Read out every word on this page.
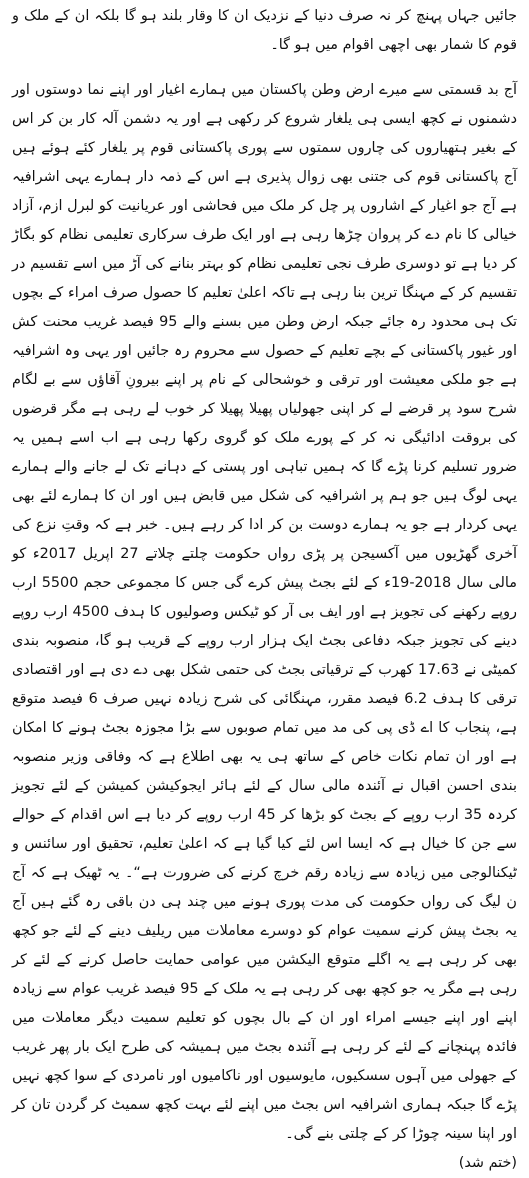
جائیں جہاں پہنچ کر نہ صرف دنیا کے نزدیک ان کا وقار بلند ہو گا بلکہ ان کے ملک و قوم کا شمار بھی اچھی اقوام میں ہو گا۔

آج بد قسمتی سے میرے ارض وطن پاکستان میں ہمارے اغیار اور اپنے نما دوستوں اور دشمنوں نے کچھ ایسی ہی یلغار شروع کر رکھی ہے اور یہ دشمن آلہ کار بن کر اس کے بغیر ہتھیاروں کی چاروں سمتوں سے پوری پاکستانی قوم پر یلغار کئے ہوئے ہیں آج پاکستانی قوم کی جتنی بھی زوال پذیری ہے اس کے ذمہ دار ہمارے یہی اشرافیہ ہے آج جو اغیار کے اشاروں پر چل کر ملک میں فحاشی اور عریانیت کو لبرل ازم، آزاد خیالی کا نام دے کر پروان چڑھا رہی ہے اور ایک طرف سرکاری تعلیمی نظام کو بگاڑ کر دیا ہے تو دوسری طرف نجی تعلیمی نظام کو بہتر بنانے کی آڑ میں اسے تقسیم در تقسیم کر کے مہنگا ترین بنا رہی ہے تاکہ اعلیٰ تعلیم کا حصول صرف امراء کے بچوں تک ہی محدود رہ جائے جبکہ ارض وطن میں بسنے والے 95 فیصد غریب محنت کش اور غیور پاکستانی کے بچے تعلیم کے حصول سے محروم رہ جائیں اور یہی وہ اشرافیہ ہے جو ملکی معیشت اور ترقی و خوشحالی کے نام پر اپنے بیرونِ آقاؤں سے بے لگام شرح سود پر قرضے لے کر اپنی جھولیاں پھیلا پھیلا کر خوب لے رہی ہے مگر قرضوں کی بروقت ادائیگی نہ کر کے پورے ملک کو گروی رکھا رہی ہے اب اسے ہمیں یہ ضرور تسلیم کرنا پڑے گا کہ ہمیں تباہی اور پستی کے دہانے تک لے جانے والے ہمارے یہی لوگ ہیں جو ہم پر اشرافیہ کی شکل میں قابض ہیں اور ان کا ہمارے لئے بھی یہی کردار ہے جو یہ ہمارے دوست بن کر ادا کر رہے ہیں۔ خبر ہے کہ وقتِ نزع کی آخری گھڑیوں میں آکسیجن پر پڑی رواں حکومت چلتے چلاتے 27 اپریل 2017ء کو مالی سال 2018-19ء کے لئے بجٹ پیش کرے گی جس کا مجموعی حجم 5500 ارب روپے رکھنے کی تجویز ہے اور ایف بی آر کو ٹیکس وصولیوں کا ہدف 4500 ارب روپے دینے کی تجویز جبکہ دفاعی بجٹ ایک ہزار ارب روپے کے قریب ہو گا، منصوبہ بندی کمیٹی نے 17.63 کھرب کے ترقیاتی بجٹ کی حتمی شکل بھی دے دی ہے اور اقتصادی ترقی کا ہدف 6.2 فیصد مقرر، مہنگائی کی شرح زیادہ نہیں صرف 6 فیصد متوقع ہے، پنجاب کا اے ڈی پی کی مد میں تمام صوبوں سے بڑا مجوزہ بجٹ ہونے کا امکان ہے اور ان تمام نکات خاص کے ساتھ ہی یہ بھی اطلاع ہے کہ وفاقی وزیر منصوبہ بندی احسن اقبال نے آئندہ مالی سال کے لئے ہائر ایجوکیشن کمیشن کے لئے تجویز کردہ 35 ارب روپے کے بجٹ کو بڑھا کر 45 ارب روپے کر دیا ہے اس اقدام کے حوالے سے جن کا خیال ہے کہ ایسا اس لئے کیا گیا ہے کہ اعلیٰ تعلیم، تحقیق اور سائنس و ٹیکنالوجی میں زیادہ سے زیادہ رقم خرچ کرنے کی ضرورت ہے“۔ یہ ٹھیک ہے کہ آج ن لیگ کی رواں حکومت کی مدت پوری ہونے میں چند ہی دن باقی رہ گئے ہیں آج یہ بجٹ پیش کرنے سمیت عوام کو دوسرے معاملات میں ریلیف دینے کے لئے جو کچھ بھی کر رہی ہے یہ اگلے متوقع الیکشن میں عوامی حمایت حاصل کرنے کے لئے کر رہی ہے مگر یہ جو کچھ بھی کر رہی ہے یہ ملک کے 95 فیصد غریب عوام سے زیادہ اپنے اور اپنے جیسے امراء اور ان کے بال بچوں کو تعلیم سمیت دیگر معاملات میں فائدہ پہنچانے کے لئے کر رہی ہے آئندہ بجٹ میں ہمیشہ کی طرح ایک بار پھر غریب کے جھولی میں آہوں سسکیوں، مایوسیوں اور ناکامیوں اور نامردی کے سوا کچھ نہیں پڑے گا جبکہ ہماری اشرافیہ اس بجٹ میں اپنے لئے بہت کچھ سمیٹ کر گردن تان کر اور اپنا سینہ چوڑا کر کے چلتی بنے گی۔

(ختم شد)
